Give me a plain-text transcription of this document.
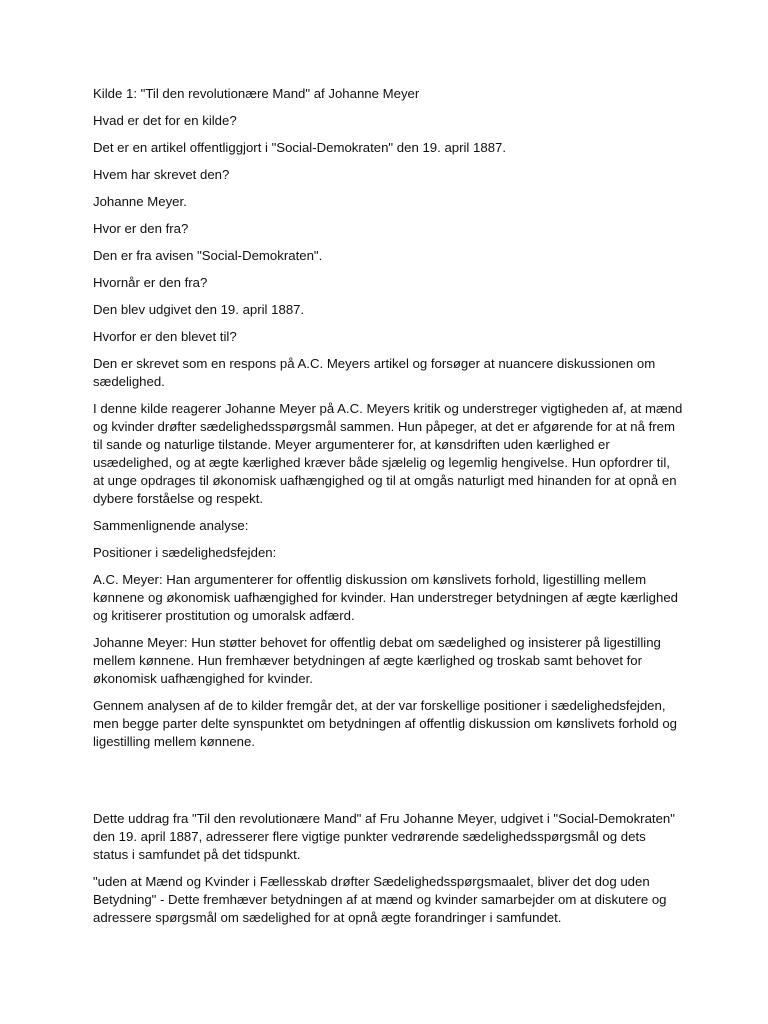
Kilde 1: "Til den revolutionære Mand" af Johanne Meyer

Hvad er det for en kilde?

Det er en artikel offentliggjort i "Social-Demokraten" den 19. april 1887.

Hvem har skrevet den?

Johanne Meyer.

Hvor er den fra?

Den er fra avisen "Social-Demokraten".

Hvornår er den fra?

Den blev udgivet den 19. april 1887.

Hvorfor er den blevet til?

Den er skrevet som en respons på A.C. Meyers artikel og forsøger at nuancere diskussionen om sædelighed.

I denne kilde reagerer Johanne Meyer på A.C. Meyers kritik og understreger vigtigheden af, at mænd og kvinder drøfter sædelighedsspørgsmål sammen. Hun påpeger, at det er afgørende for at nå frem til sande og naturlige tilstande. Meyer argumenterer for, at kønsdriften uden kærlighed er usædelighed, og at ægte kærlighed kræver både sjælelig og legemlig hengivelse. Hun opfordrer til, at unge opdrages til økonomisk uafhængighed og til at omgås naturligt med hinanden for at opnå en dybere forståelse og respekt.

Sammenlignende analyse:

Positioner i sædelighedsfejden:

A.C. Meyer: Han argumenterer for offentlig diskussion om kønslivets forhold, ligestilling mellem kønnene og økonomisk uafhængighed for kvinder. Han understreger betydningen af ægte kærlighed og kritiserer prostitution og umoralsk adfærd.

Johanne Meyer: Hun støtter behovet for offentlig debat om sædelighed og insisterer på ligestilling mellem kønnene. Hun fremhæver betydningen af ægte kærlighed og troskab samt behovet for økonomisk uafhængighed for kvinder.

Gennem analysen af de to kilder fremgår det, at der var forskellige positioner i sædelighedsfejden, men begge parter delte synspunktet om betydningen af offentlig diskussion om kønslivets forhold og ligestilling mellem kønnene.

Dette uddrag fra "Til den revolutionære Mand" af Fru Johanne Meyer, udgivet i "Social-Demokraten" den 19. april 1887, adresserer flere vigtige punkter vedrørende sædelighedsspørgsmål og dets status i samfundet på det tidspunkt.

"uden at Mænd og Kvinder i Fællesskab drøfter Sædelighedsspørgsmaalet, bliver det dog uden Betydning" - Dette fremhæver betydningen af at mænd og kvinder samarbejder om at diskutere og adressere spørgsmål om sædelighed for at opnå ægte forandringer i samfundet.
